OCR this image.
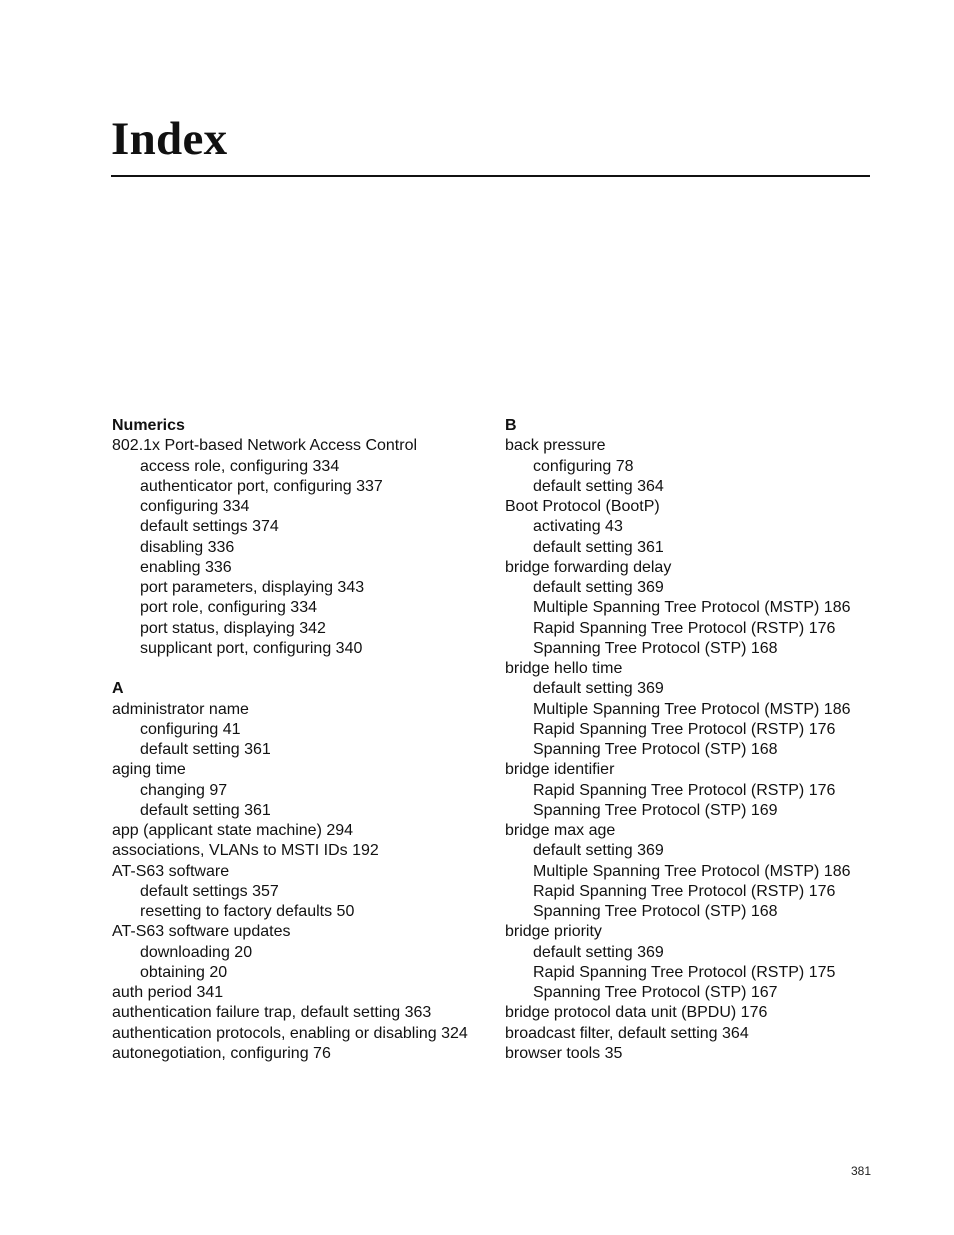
Index
Numerics
802.1x Port-based Network Access Control
access role, configuring 334
authenticator port, configuring 337
configuring 334
default settings 374
disabling 336
enabling 336
port parameters, displaying 343
port role, configuring 334
port status, displaying 342
supplicant port, configuring 340
A
administrator name
configuring 41
default setting 361
aging time
changing 97
default setting 361
app (applicant state machine) 294
associations, VLANs to MSTI IDs 192
AT-S63 software
default settings 357
resetting to factory defaults 50
AT-S63 software updates
downloading 20
obtaining 20
auth period 341
authentication failure trap, default setting 363
authentication protocols, enabling or disabling 324
autonegotiation, configuring 76
B
back pressure
configuring 78
default setting 364
Boot Protocol (BootP)
activating 43
default setting 361
bridge forwarding delay
default setting 369
Multiple Spanning Tree Protocol (MSTP) 186
Rapid Spanning Tree Protocol (RSTP) 176
Spanning Tree Protocol (STP) 168
bridge hello time
default setting 369
Multiple Spanning Tree Protocol (MSTP) 186
Rapid Spanning Tree Protocol (RSTP) 176
Spanning Tree Protocol (STP) 168
bridge identifier
Rapid Spanning Tree Protocol (RSTP) 176
Spanning Tree Protocol (STP) 169
bridge max age
default setting 369
Multiple Spanning Tree Protocol (MSTP) 186
Rapid Spanning Tree Protocol (RSTP) 176
Spanning Tree Protocol (STP) 168
bridge priority
default setting 369
Rapid Spanning Tree Protocol (RSTP) 175
Spanning Tree Protocol (STP) 167
bridge protocol data unit (BPDU) 176
broadcast filter, default setting 364
browser tools 35
381
